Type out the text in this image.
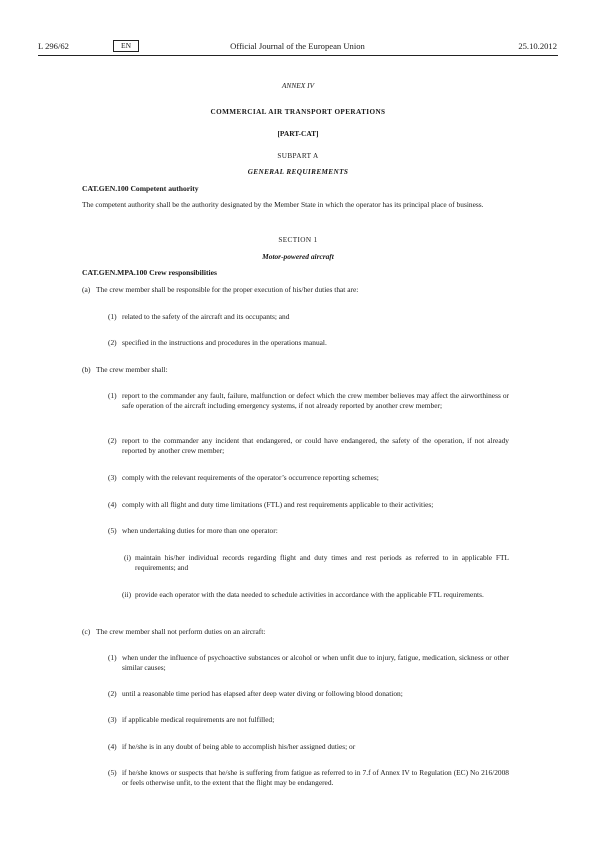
L 296/62	EN	Official Journal of the European Union	25.10.2012
ANNEX IV
COMMERCIAL AIR TRANSPORT OPERATIONS
[PART-CAT]
SUBPART A
GENERAL REQUIREMENTS
CAT.GEN.100 Competent authority
The competent authority shall be the authority designated by the Member State in which the operator has its principal place of business.
SECTION 1
Motor-powered aircraft
CAT.GEN.MPA.100 Crew responsibilities
(a) The crew member shall be responsible for the proper execution of his/her duties that are:
(1) related to the safety of the aircraft and its occupants; and
(2) specified in the instructions and procedures in the operations manual.
(b) The crew member shall:
(1) report to the commander any fault, failure, malfunction or defect which the crew member believes may affect the airworthiness or safe operation of the aircraft including emergency systems, if not already reported by another crew member;
(2) report to the commander any incident that endangered, or could have endangered, the safety of the operation, if not already reported by another crew member;
(3) comply with the relevant requirements of the operator’s occurrence reporting schemes;
(4) comply with all flight and duty time limitations (FTL) and rest requirements applicable to their activities;
(5) when undertaking duties for more than one operator:
(i) maintain his/her individual records regarding flight and duty times and rest periods as referred to in applicable FTL requirements; and
(ii) provide each operator with the data needed to schedule activities in accordance with the applicable FTL requirements.
(c) The crew member shall not perform duties on an aircraft:
(1) when under the influence of psychoactive substances or alcohol or when unfit due to injury, fatigue, medication, sickness or other similar causes;
(2) until a reasonable time period has elapsed after deep water diving or following blood donation;
(3) if applicable medical requirements are not fulfilled;
(4) if he/she is in any doubt of being able to accomplish his/her assigned duties; or
(5) if he/she knows or suspects that he/she is suffering from fatigue as referred to in 7.f of Annex IV to Regulation (EC) No 216/2008 or feels otherwise unfit, to the extent that the flight may be endangered.
